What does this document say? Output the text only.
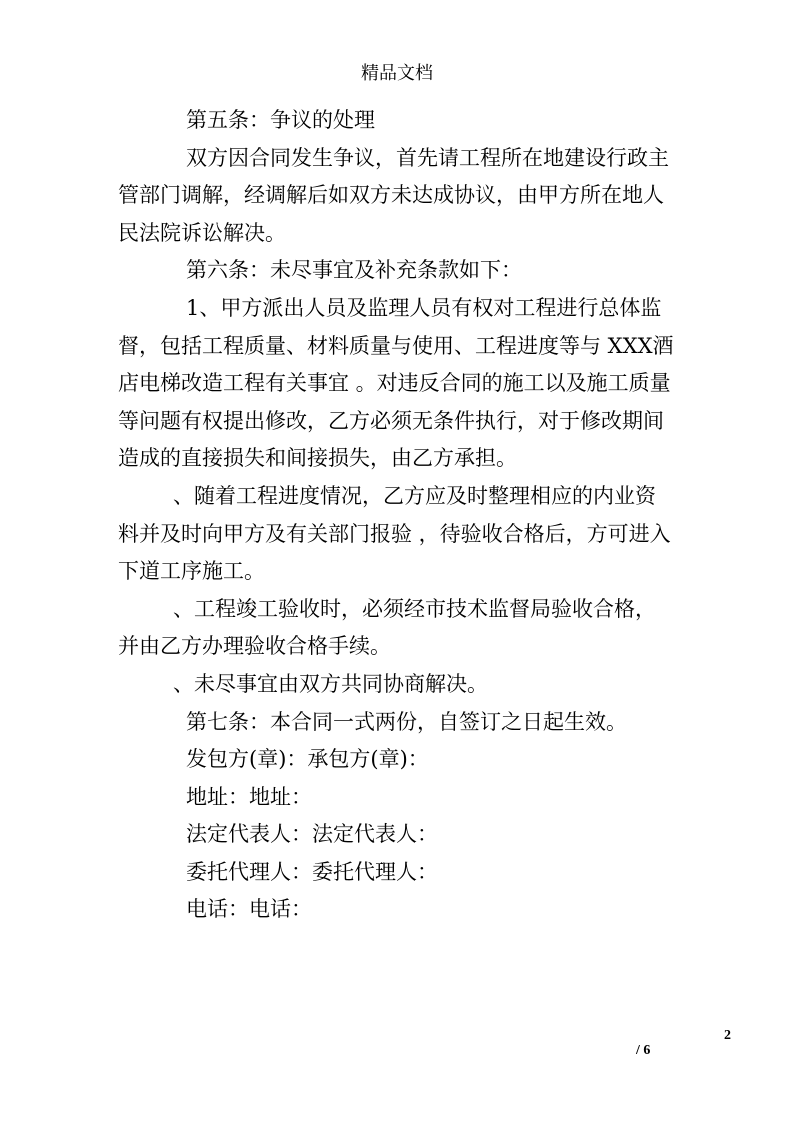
精品文档
第五条：争议的处理
双方因合同发生争议，首先请工程所在地建设行政主
管部门调解，经调解后如双方未达成协议，由甲方所在地人
民法院诉讼解决。
第六条：未尽事宜及补充条款如下：
1、甲方派出人员及监理人员有权对工程进行总体监
督，包括工程质量、材料质量与使用、工程进度等与 XXX酒
店电梯改造工程有关事宜 。对违反合同的施工以及施工质量
等问题有权提出修改，乙方必须无条件执行，对于修改期间
造成的直接损失和间接损失，由乙方承担。
、随着工程进度情况，乙方应及时整理相应的内业资
料并及时向甲方及有关部门报验 ，待验收合格后，方可进入
下道工序施工。
、工程竣工验收时，必须经市技术监督局验收合格，
并由乙方办理验收合格手续。
、未尽事宜由双方共同协商解决。
第七条：本合同一式两份，自签订之日起生效。
发包方(章)：承包方(章)：
地址：地址：
法定代表人：法定代表人：
委托代理人：委托代理人：
电话：电话：
2
/ 6
